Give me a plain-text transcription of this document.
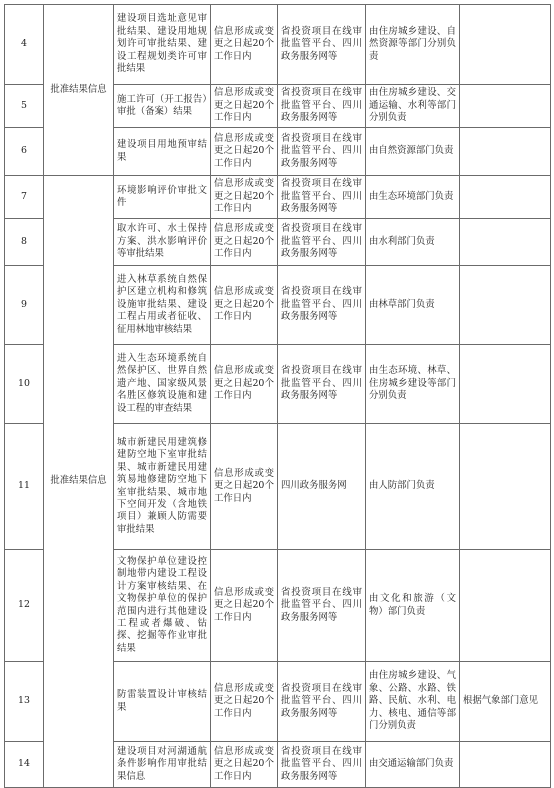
4	批准结果信息	建设项目选址意见审批结果、建设用地规划许可审批结果、建设工程规划类许可审批结果	信息形成或变更之日起20个工作日内	省投资项目在线审批监管平台、四川政务服务网等	由住房城乡建设、自然资源等部门分别负责	
5		施工许可（开工报告）审批（备案）结果	信息形成或变更之日起20个工作日内	省投资项目在线审批监管平台、四川政务服务网等	由住房城乡建设、交通运输、水利等部门分别负责	
6		建设项目用地预审结果	信息形成或变更之日起20个工作日内	省投资项目在线审批监管平台、四川政务服务网等	由自然资源部门负责	
7	批准结果信息	环境影响评价审批文件	信息形成或变更之日起20个工作日内	省投资项目在线审批监管平台、四川政务服务网等	由生态环境部门负责	
8		取水许可、水土保持方案、洪水影响评价等审批结果	信息形成或变更之日起20个工作日内	省投资项目在线审批监管平台、四川政务服务网等	由水利部门负责	
9		进入林草系统自然保护区建立机构和修筑设施审批结果、建设工程占用或者征收、征用林地审核结果	信息形成或变更之日起20个工作日内	省投资项目在线审批监管平台、四川政务服务网等	由林草部门负责	
10		进入生态环境系统自然保护区、世界自然遗产地、国家级风景名胜区修筑设施和建设工程的审查结果	信息形成或变更之日起20个工作日内	省投资项目在线审批监管平台、四川政务服务网等	由生态环境、林草、住房城乡建设等部门分别负责	
11		城市新建民用建筑修建防空地下室审批结果、城市新建民用建筑易地修建防空地下室审批结果、城市地下空间开发（含地铁项目）兼顾人防需要审批结果	信息形成或变更之日起20个工作日内	四川政务服务网	由人防部门负责	
12		文物保护单位建设控制地带内建设工程设计方案审核结果、在文物保护单位的保护范围内进行其他建设工程或者爆破、钻探、挖掘等作业审批结果	信息形成或变更之日起20个工作日内	省投资项目在线审批监管平台、四川政务服务网等	由文化和旅游（文物）部门负责	
13		防雷装置设计审核结果	信息形成或变更之日起20个工作日内	省投资项目在线审批监管平台、四川政务服务网等	由住房城乡建设、气象、公路、水路、铁路、民航、水利、电力、核电、通信等部门分别负责	根据气象部门意见
14		建设项目对河湖通航条件影响作用审批结果信息	信息形成或变更之日起20个工作日内	省投资项目在线审批监管平台、四川政务服务网等	由交通运输部门负责	
